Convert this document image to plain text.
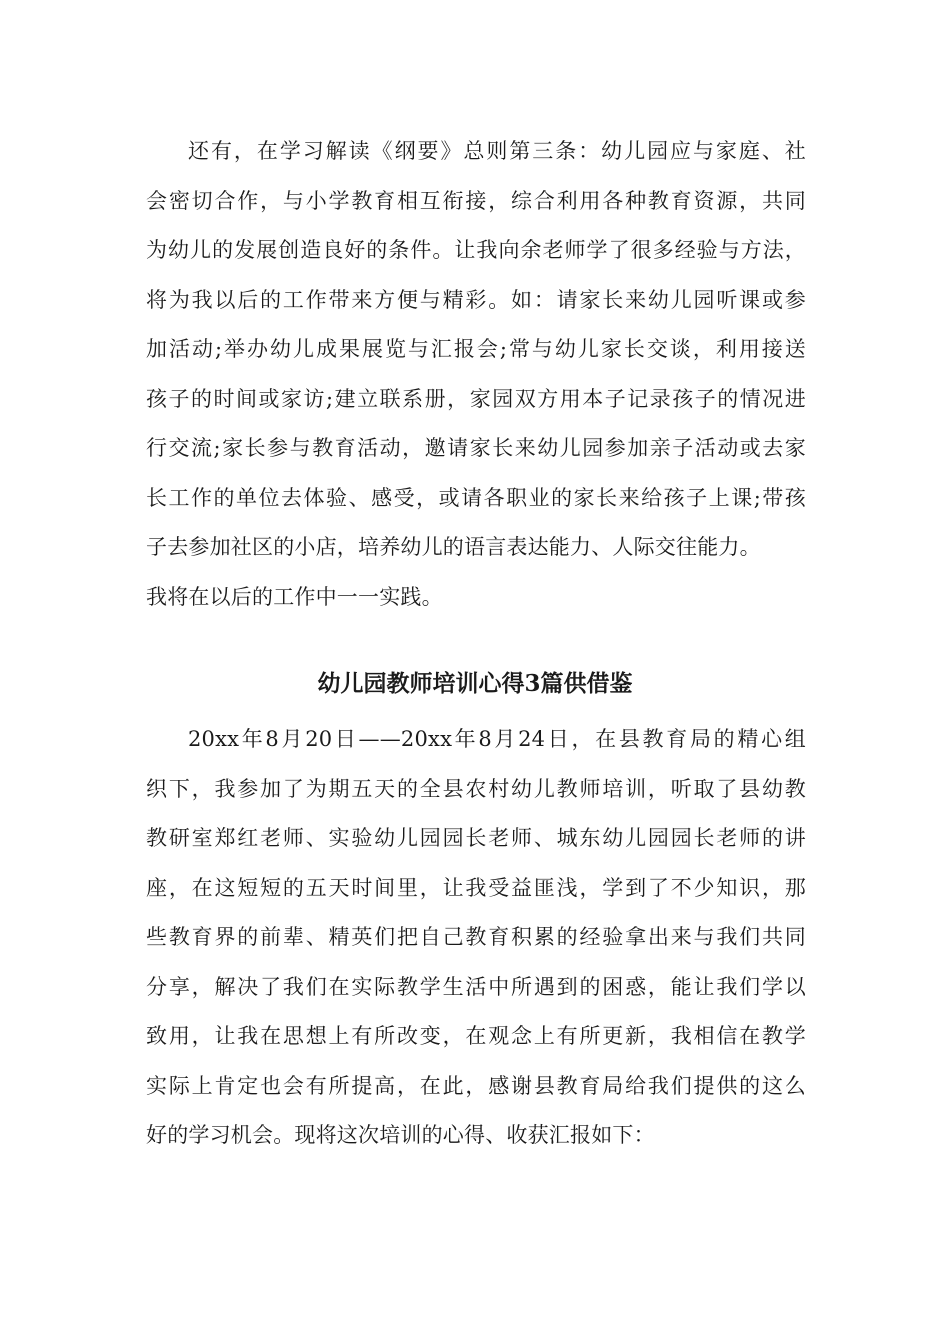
还有，在学习解读《纲要》总则第三条：幼儿园应与家庭、社
会密切合作，与小学教育相互衔接，综合利用各种教育资源，共同
为幼儿的发展创造良好的条件。让我向余老师学了很多经验与方法，
将为我以后的工作带来方便与精彩。如：请家长来幼儿园听课或参
加活动;举办幼儿成果展览与汇报会;常与幼儿家长交谈，利用接送
孩子的时间或家访;建立联系册，家园双方用本子记录孩子的情况进
行交流;家长参与教育活动，邀请家长来幼儿园参加亲子活动或去家
长工作的单位去体验、感受，或请各职业的家长来给孩子上课;带孩
子去参加社区的小店，培养幼儿的语言表达能力、人际交往能力。
我将在以后的工作中一一实践。
幼儿园教师培训心得3篇供借鉴
20xx年8月20日——20xx年8月24日，在县教育局的精心组
织下，我参加了为期五天的全县农村幼儿教师培训，听取了县幼教
教研室郑红老师、实验幼儿园园长老师、城东幼儿园园长老师的讲
座，在这短短的五天时间里，让我受益匪浅，学到了不少知识，那
些教育界的前辈、精英们把自己教育积累的经验拿出来与我们共同
分享，解决了我们在实际教学生活中所遇到的困惑，能让我们学以
致用，让我在思想上有所改变，在观念上有所更新，我相信在教学
实际上肯定也会有所提高，在此，感谢县教育局给我们提供的这么
好的学习机会。现将这次培训的心得、收获汇报如下：
